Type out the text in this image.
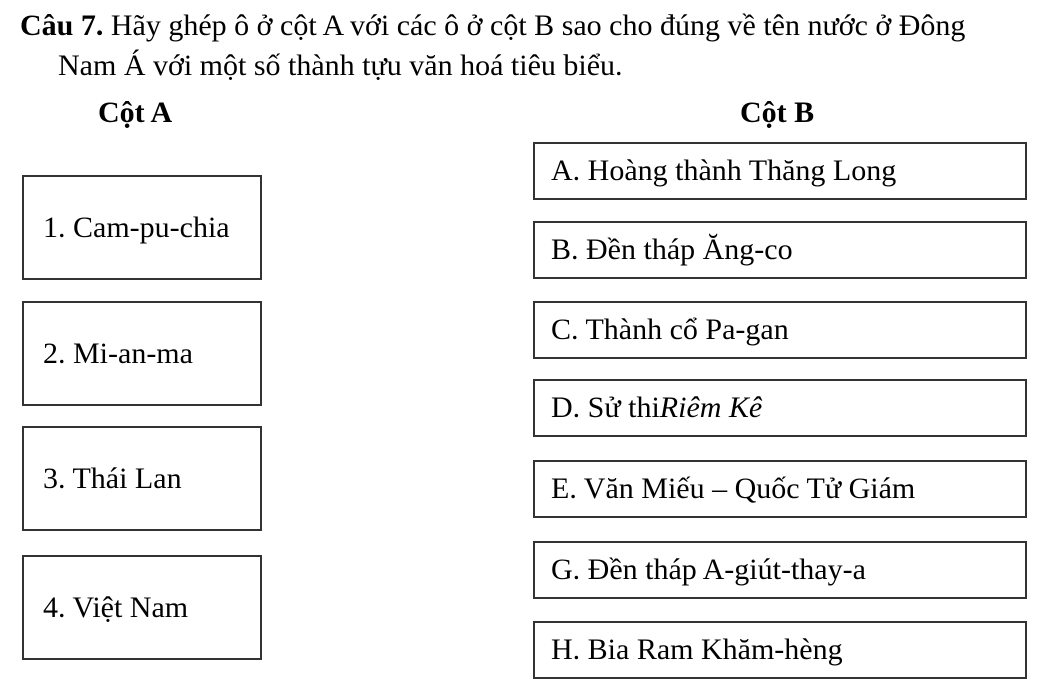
Câu 7. Hãy ghép ô ở cột A với các ô ở cột B sao cho đúng về tên nước ở Đông
Nam Á với một số thành tựu văn hoá tiêu biểu.
Cột A	Cột B
1. Cam-pu-chia
2. Mi-an-ma
3. Thái Lan
4. Việt Nam
A. Hoàng thành Thăng Long
B. Đền tháp Ăng-co
C. Thành cổ Pa-gan
D. Sử thi Riêm Kê
E. Văn Miếu – Quốc Tử Giám
G. Đền tháp A-giút-thay-a
H. Bia Ram Khăm-hèng
